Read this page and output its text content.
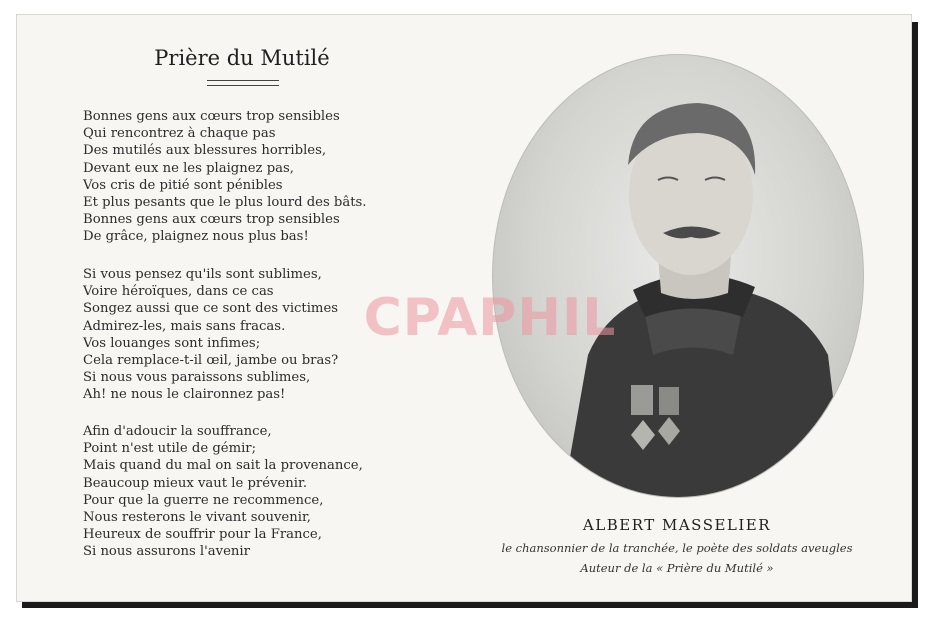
Prière du Mutilé
Bonnes gens aux cœurs trop sensibles
Qui rencontrez à chaque pas
Des mutilés aux blessures horribles,
Devant eux ne les plaignez pas,
Vos cris de pitié sont pénibles
Et plus pesants que le plus lourd des bâts.
Bonnes gens aux cœurs trop sensibles
De grâce, plaignez nous plus bas!
Si vous pensez qu'ils sont sublimes,
Voire héroïques, dans ce cas
Songez aussi que ce sont des victimes
Admirez-les, mais sans fracas.
Vos louanges sont infimes;
Cela remplace-t-il œil, jambe ou bras?
Si nous vous paraissons sublimes,
Ah! ne nous le claironnez pas!
Afin d'adoucir la souffrance,
Point n'est utile de gémir;
Mais quand du mal on sait la provenance,
Beaucoup mieux vaut le prévenir.
Pour que la guerre ne recommence,
Nous resterons le vivant souvenir,
Heureux de souffrir pour la France,
Si nous assurons l'avenir
CPAPHIL
ALBERT MASSELIER
le chansonnier de la tranchée, le poète des soldats aveugles
Auteur de la « Prière du Mutilé »
